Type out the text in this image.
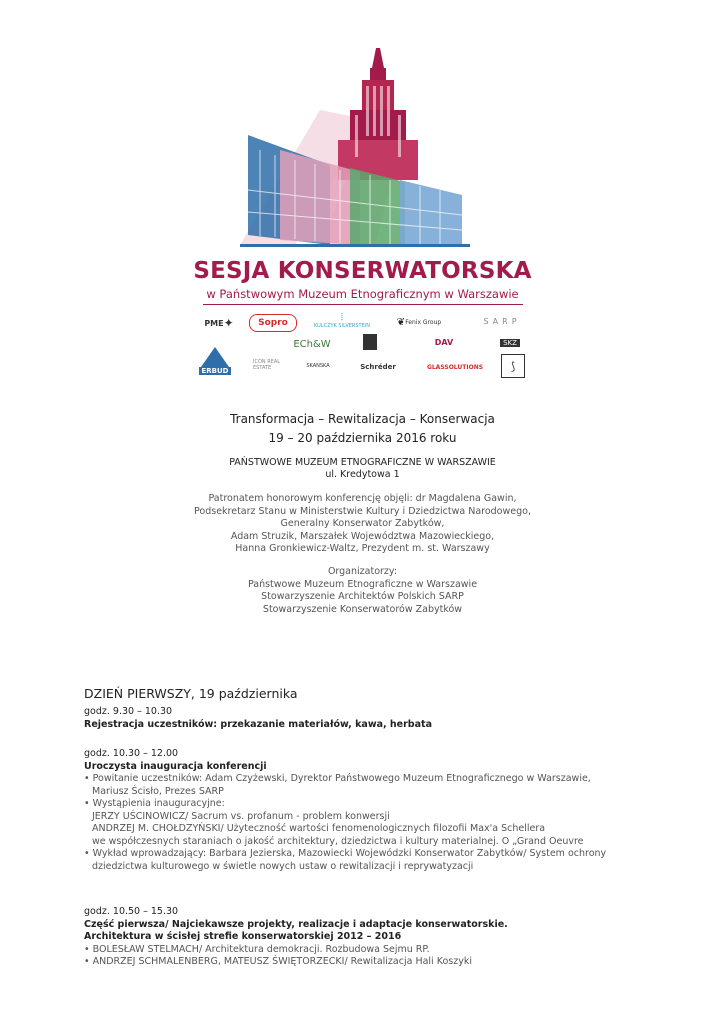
SESJA KONSERWATORSKA
w Państwowym Muzeum Etnograficznym w Warszawie
PME ✦	Sopro
⦙
KULCZYK SILVERSTEIN	❦ Fenix Group	SARP
ECh&W	DAV	SKZ
ERBUD
ICON REAL ESTATE	SKANSKA	Schréder	GLASSOLUTIONS	⟆
Transformacja – Rewitalizacja – Konserwacja
19 – 20 października 2016 roku
PAŃSTWOWE MUZEUM ETNOGRAFICZNE W WARSZAWIE
ul. Kredytowa 1
Patronatem honorowym konferencję objęli: dr Magdalena Gawin,
Podsekretarz Stanu w Ministerstwie Kultury i Dziedzictwa Narodowego,
Generalny Konserwator Zabytków,
Adam Struzik, Marszałek Województwa Mazowieckiego,
Hanna Gronkiewicz-Waltz, Prezydent m. st. Warszawy
Organizatorzy:
Państwowe Muzeum Etnograficzne w Warszawie
Stowarzyszenie Architektów Polskich SARP
Stowarzyszenie Konserwatorów Zabytków
DZIEŃ PIERWSZY, 19 października
godz. 9.30 – 10.30
Rejestracja uczestników: przekazanie materiałów, kawa, herbata
godz. 10.30 – 12.00
Uroczysta inauguracja konferencji
• Powitanie uczestników: Adam Czyżewski, Dyrektor Państwowego Muzeum Etnograficznego w Warszawie,
Mariusz Ścisło, Prezes SARP
• Wystąpienia inauguracyjne:
JERZY UŚCINOWICZ/ Sacrum vs. profanum - problem konwersji
ANDRZEJ M. CHOŁDZYŃSKI/ Użyteczność wartości fenomenologicznych filozofii Max'a Schellera
we współczesnych staraniach o jakość architektury, dziedzictwa i kultury materialnej. O „Grand Oeuvre
• Wykład wprowadzający: Barbara Jezierska, Mazowiecki Wojewódzki Konserwator Zabytków/ System ochrony
dziedzictwa kulturowego w świetle nowych ustaw o rewitalizacji i reprywatyzacji
godz. 10.50 – 15.30
Część pierwsza/ Najciekawsze projekty, realizacje i adaptacje konserwatorskie.
Architektura w ścisłej strefie konserwatorskiej 2012 – 2016
• BOLESŁAW STELMACH/ Architektura demokracji. Rozbudowa Sejmu RP.
• ANDRZEJ SCHMALENBERG, MATEUSZ ŚWIĘTORZECKI/ Rewitalizacja Hali Koszyki
